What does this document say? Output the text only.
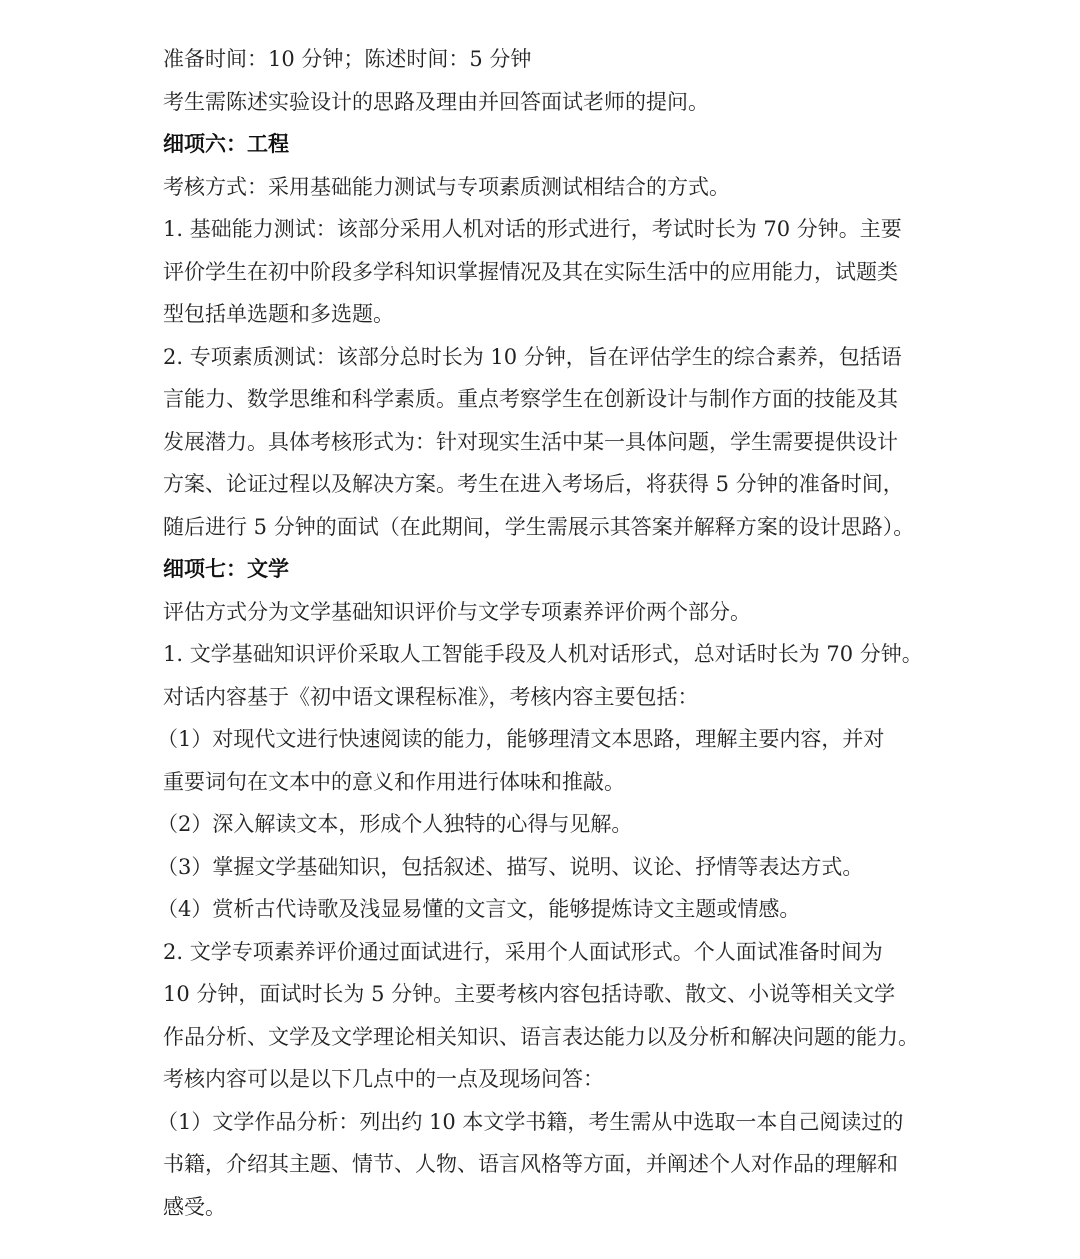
准备时间：10 分钟；陈述时间：5 分钟
考生需陈述实验设计的思路及理由并回答面试老师的提问。
细项六：工程
考核方式：采用基础能力测试与专项素质测试相结合的方式。
1. 基础能力测试：该部分采用人机对话的形式进行，考试时长为 70 分钟。主要
评价学生在初中阶段多学科知识掌握情况及其在实际生活中的应用能力，试题类
型包括单选题和多选题。
2. 专项素质测试：该部分总时长为 10 分钟，旨在评估学生的综合素养，包括语
言能力、数学思维和科学素质。重点考察学生在创新设计与制作方面的技能及其
发展潜力。具体考核形式为：针对现实生活中某一具体问题，学生需要提供设计
方案、论证过程以及解决方案。考生在进入考场后，将获得 5 分钟的准备时间，
随后进行 5 分钟的面试（在此期间，学生需展示其答案并解释方案的设计思路）。
细项七：文学
评估方式分为文学基础知识评价与文学专项素养评价两个部分。
1. 文学基础知识评价采取人工智能手段及人机对话形式，总对话时长为 70 分钟。
对话内容基于《初中语文课程标准》，考核内容主要包括：
（1）对现代文进行快速阅读的能力，能够理清文本思路，理解主要内容，并对
重要词句在文本中的意义和作用进行体味和推敲。
（2）深入解读文本，形成个人独特的心得与见解。
（3）掌握文学基础知识，包括叙述、描写、说明、议论、抒情等表达方式。
（4）赏析古代诗歌及浅显易懂的文言文，能够提炼诗文主题或情感。
2. 文学专项素养评价通过面试进行，采用个人面试形式。个人面试准备时间为
10 分钟，面试时长为 5 分钟。主要考核内容包括诗歌、散文、小说等相关文学
作品分析、文学及文学理论相关知识、语言表达能力以及分析和解决问题的能力。
考核内容可以是以下几点中的一点及现场问答：
（1）文学作品分析：列出约 10 本文学书籍，考生需从中选取一本自己阅读过的
书籍，介绍其主题、情节、人物、语言风格等方面，并阐述个人对作品的理解和
感受。
